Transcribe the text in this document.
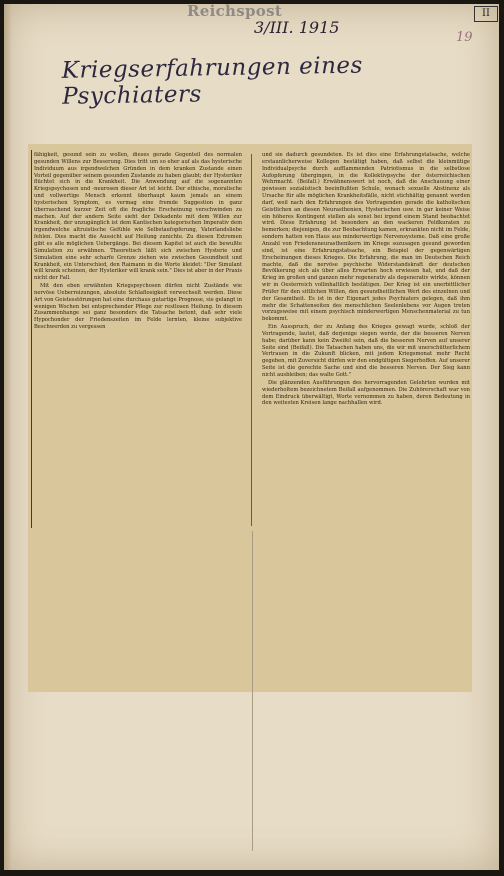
Reichspost	II
3/III. 1915
19
Kriegserfahrungen eines Psychiaters

fähigkeit, gesund sein zu wollen, dieses gerade Gegenteil des normalen gesunden Willens zur Besserung. Dies tritt um so eher auf als das hysterische Individuum aus irgendwelchen Gründen in dem kranken Zustande einen Vorteil gegenüber seinem gesunden Zustande zu haben glaubt; der Hysteriker flüchtet sich in die Krankheit. Die Anwendung auf die sogenannten Kriegspsychosen und -neurosen dieser Art ist leicht. Der ethische, moralische und vollwertige Mensch erkennt überhaupt kaum jemals an einem hysterischen Symptom, es vermag eine fremde Suggestion in ganz überraschend kurzer Zeit oft die fragliche Erscheinung verschwinden zu machen. Auf der andern Seite sieht der Dekadente mit dem Willen zur Krankheit, der unzugänglich ist dem Kantischen kategorischen Imperativ dem irgendwelche altruistische Gefühle wie Selbstaufopferung, Vaterlandsliebe fehlen. Dies macht die Aussicht auf Heilung zunichte. Zu diesen Extremen gibt es alle möglichen Uebergänge. Bei diesem Kapitel ist auch die bewußte Simulation zu erwähnen. Theoretisch läßt sich zwischen Hysterie und Simulation eine sehr scharfe Grenze ziehen wie zwischen Gesundheit und Krankheit, ein Unterschied, den Raimann in die Worte kleidet: "Der Simulant will krank scheinen, der Hysteriker will krank sein." Dies ist aber in der Praxis nicht der Fall.

Mit den eben erwähnten Kriegspsychosen dürfen nicht Zustände wie nervöse Ueberreizungen, absolute Schlaflosigkeit verwechselt werden. Diese Art von Geistesstörungen hat eine durchaus gutartige Prognose, sie gelangt in wenigen Wochen bei entsprechender Pflege zur restlosen Heilung. In diesem Zusammenhange sei ganz besonders die Tatsache betont, daß sehr viele Hypochonder der Friedenszeiten im Felde lernten, kleine subjektive Beschwerden zu vergessen

und sie dadurch gesundeten. Es ist dies eine Erfahrungstatsache, welche erstaunlicherweise Kollegen bestätigt haben, daß selbst die kleinmütige Individualpsyche durch aufflammenden Patriotismus in die selbstlose Aufopferung übergingen, in die Kollektivpsyche der österreichischen Wehrmacht. (Beifall.) Erwähnenswert ist noch, daß die Anschauung einer gewissen sozialistisch beeinflußten Schule, wonach sexuelle Abstinenz als Ursache für alle möglichen Krankheitsfälle, nicht stichhältig genannt werden darf, weil nach den Erfahrungen des Vortragenden gerade die katholischen Geistlichen an diesen Neurasthenien, Hysterischen usw. in gar keiner Weise ein höheres Kontingent stellen als sonst bei irgend einem Stand beobachtet wird. Diese Erfahrung ist besonders an den wackeren Feldkuraten zu bemerken; diejenigen, die zur Beobachtung kamen, erkrankten nicht im Felde, sondern hatten von Haus aus minderwertige Nervensysteme. Daß eine große Anzahl von Friedensneurasthenikern im Kriege sozusagen gesund geworden sind, ist eine Erfahrungstatsache, ein Beispiel der gegenwärtigen Erscheinungen dieses Krieges. Die Erfahrung, die man im Deutschen Reich machte, daß die nervöse psychische Widerstandskraft der deutschen Bevölkerung sich als über alles Erwarten hoch erwiesen hat, und daß der Krieg im großen und ganzen mehr regenerativ als degenerativ wirkte, können wir in Oesterreich vollinhaltlich bestätigen. Der Krieg ist ein unerbittlicher Prüfer für den sittlichen Willen, den gesundheitlichen Wert des einzelnen und der Gesamtheit. Es ist in der Eigenart jedes Psychiaters gelegen, daß ihm mehr die Schattenseiten des menschlichen Seelenlebens vor Augen treten vorzugsweise mit einem psychisch minderwertigen Menschenmaterial zu tun bekommt.

Ein Ausspruch, der zu Anfang des Krieges gewagt wurde, schloß der Vortragende, lautet, daß derjenige siegen werde, der die besseren Nerven habe; darüber kann kein Zweifel sein, daß die besseren Nerven auf unserer Seite sind (Beifall). Die Tatsachen haben uns, die wir mit unerschütterlichem Vertrauen in die Zukunft blicken, mit jedem Kriegsmonat mehr Recht gegeben, mit Zuversicht dürfen wir den endgültigen Siegerhoffen. Auf unserer Seite ist die gerechte Sache und sind die besseren Nerven. Der Sieg kann nicht ausbleiben; das walte Gott."

Die glänzenden Ausführungen des hervorragenden Gelehrten wurden mit wiederholtem bezeichnetem Beifall aufgenommen. Die Zuhörerschaft war von dem Eindruck überwältigt, Worte vernommen zu haben, deren Bedeutung in den weitesten Kreisen lange nachhallen wird.
